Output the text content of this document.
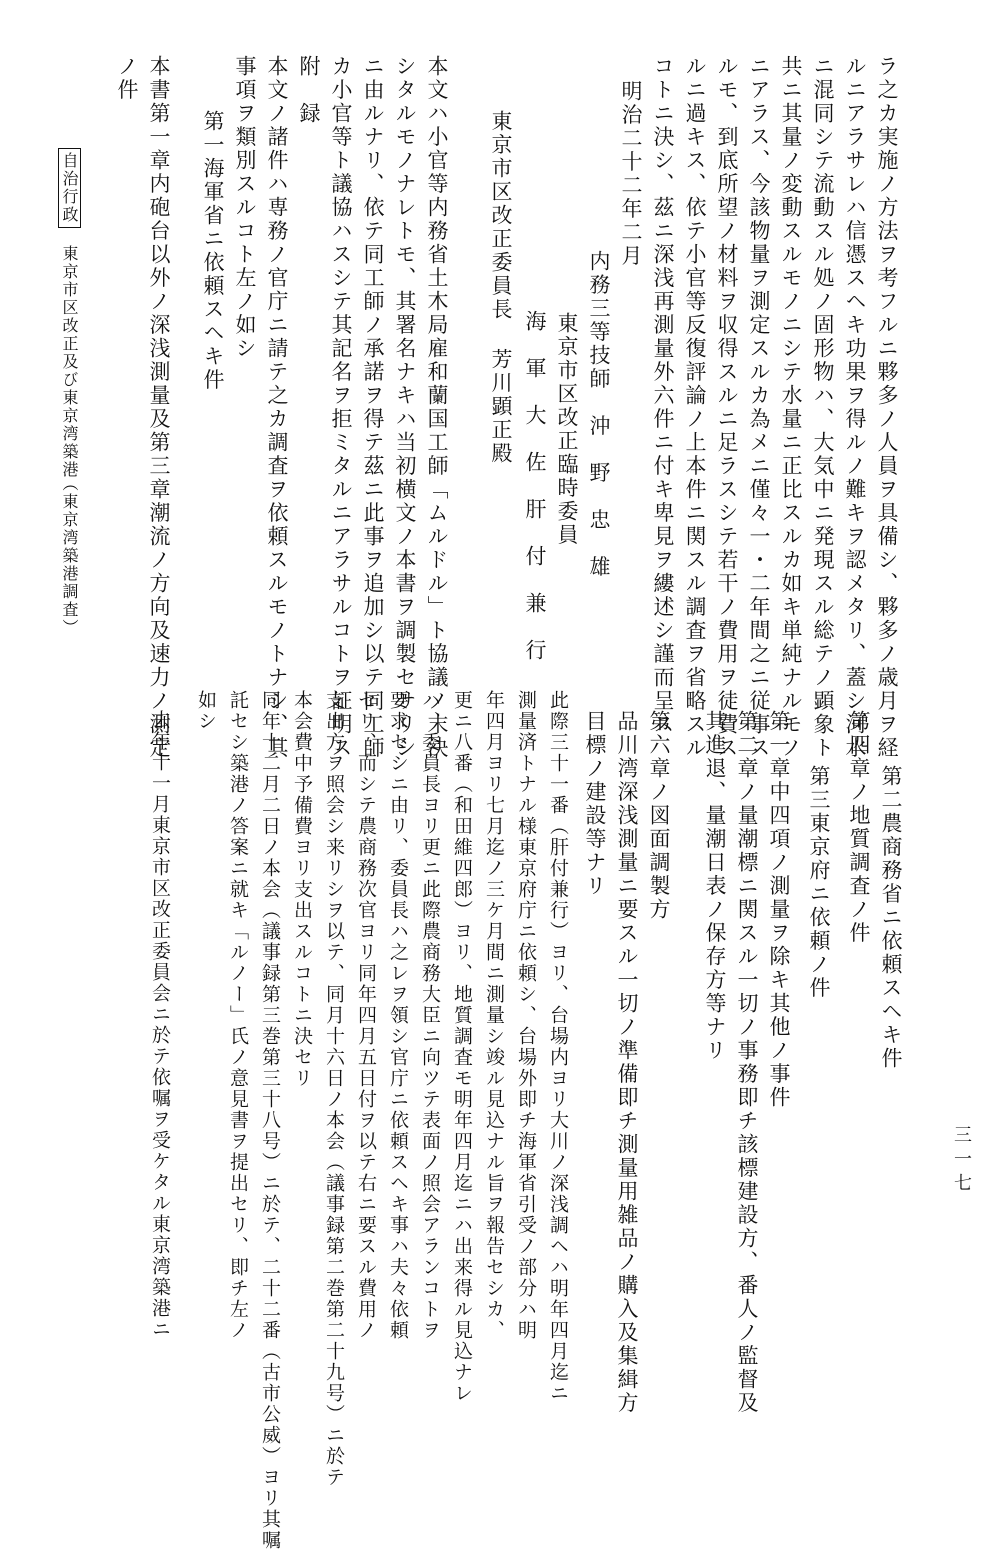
ラ之カ実施ノ方法ヲ考フルニ夥多ノ人員ヲ具備シ、夥多ノ歳月ヲ経
ルニアラサレハ信憑スヘキ功果ヲ得ルノ難キヲ認メタリ、蓋シ河水
ニ混同シテ流動スル処ノ固形物ハ、大気中ニ発現スル総テノ顕象ト
共ニ其量ノ変動スルモノニシテ水量ニ正比スルカ如キ単純ナルモノ
ニアラス、今該物量ヲ測定スルカ為メニ僅々一・二年間之ニ従事ス
ルモ、到底所望ノ材料ヲ収得スルニ足ラスシテ若干ノ費用ヲ徒費ス
ルニ過キス、依テ小官等反復評論ノ上本件ニ関スル調査ヲ省略スル
コトニ決シ、茲ニ深浅再測量外六件ニ付キ卑見ヲ縷述シ謹而呈ス
明治二十二年二月
内務三等技師　沖　野　忠　雄
東京市区改正臨時委員
海　軍　大　佐　肝　付　兼　行
東京市区改正委員長 芳川顕正殿
本文ハ小官等内務省土木局雇和蘭国工師「ムルドル」ト協議ノ末決
シタルモノナレトモ、其署名ナキハ当初横文ノ本書ヲ調製セサリシ
ニ由ルナリ、依テ同工師ノ承諾ヲ得テ茲ニ此事ヲ追加シ以テ同工師
カ小官等ト議協ハスシテ其記名ヲ拒ミタルニアラサルコトヲ証明ス
附　録
本文ノ諸件ハ専務ノ官庁ニ請テ之カ調査ヲ依頼スルモノトナシ、其
事項ヲ類別スルコト左ノ如シ
第一海軍省ニ依頼スヘキ件
本書第一章内砲台以外ノ深浅測量及第三章潮流ノ方向及速力ノ測定
ノ件
自治行政
東京市区改正及び東京湾築港
（東京湾築港調査）
第二農商務省ニ依頼スヘキ件
第四章ノ地質調査ノ件
第三東京府ニ依頼ノ件
第一章中四項ノ測量ヲ除キ其他ノ事件
第二章ノ量潮標ニ関スル一切ノ事務即チ該標建設方、番人ノ監督及
其進退、量潮日表ノ保存方等ナリ
第六章ノ図面調製方
品川湾深浅測量ニ要スル一切ノ準備即チ測量用雑品ノ購入及集緝方
目標ノ建設等ナリ
此際三十一番（肝付兼行）ヨリ、台場内ヨリ大川ノ深浅調ヘハ明年四月迄ニ
測量済トナル様東京府庁ニ依頼シ、台場外即チ海軍省引受ノ部分ハ明
年四月ヨリ七月迄ノ三ケ月間ニ測量シ竣ル見込ナル旨ヲ報告セシカ、
更ニ八番（和田維四郎）ヨリ、地質調査モ明年四月迄ニハ出来得ル見込ナレ
ハ、委員長ヨリ更ニ此際農商務大臣ニ向ツテ表面ノ照会アランコトヲ
要求セシニ由リ、委員長ハ之レヲ領シ官庁ニ依頼スヘキ事ハ夫々依頼
セリ、而シテ農商務次官ヨリ同年四月五日付ヲ以テ右ニ要スル費用ノ
支出方ヲ照会シ来リシヲ以テ、同月十六日ノ本会（議事録第二巻第二十九号）ニ於テ
本会費中予備費ヨリ支出スルコトニ決セリ
同年十二月二日ノ本会（議事録第三巻第三十八号）ニ於テ、二十二番（古市公威）ヨリ其嘱
託セシ築港ノ答案ニ就キ「ルノー」氏ノ意見書ヲ提出セリ、即チ左ノ
如シ
去年十一月東京市区改正委員会ニ於テ依嘱ヲ受ケタル東京湾築港ニ	三一七
